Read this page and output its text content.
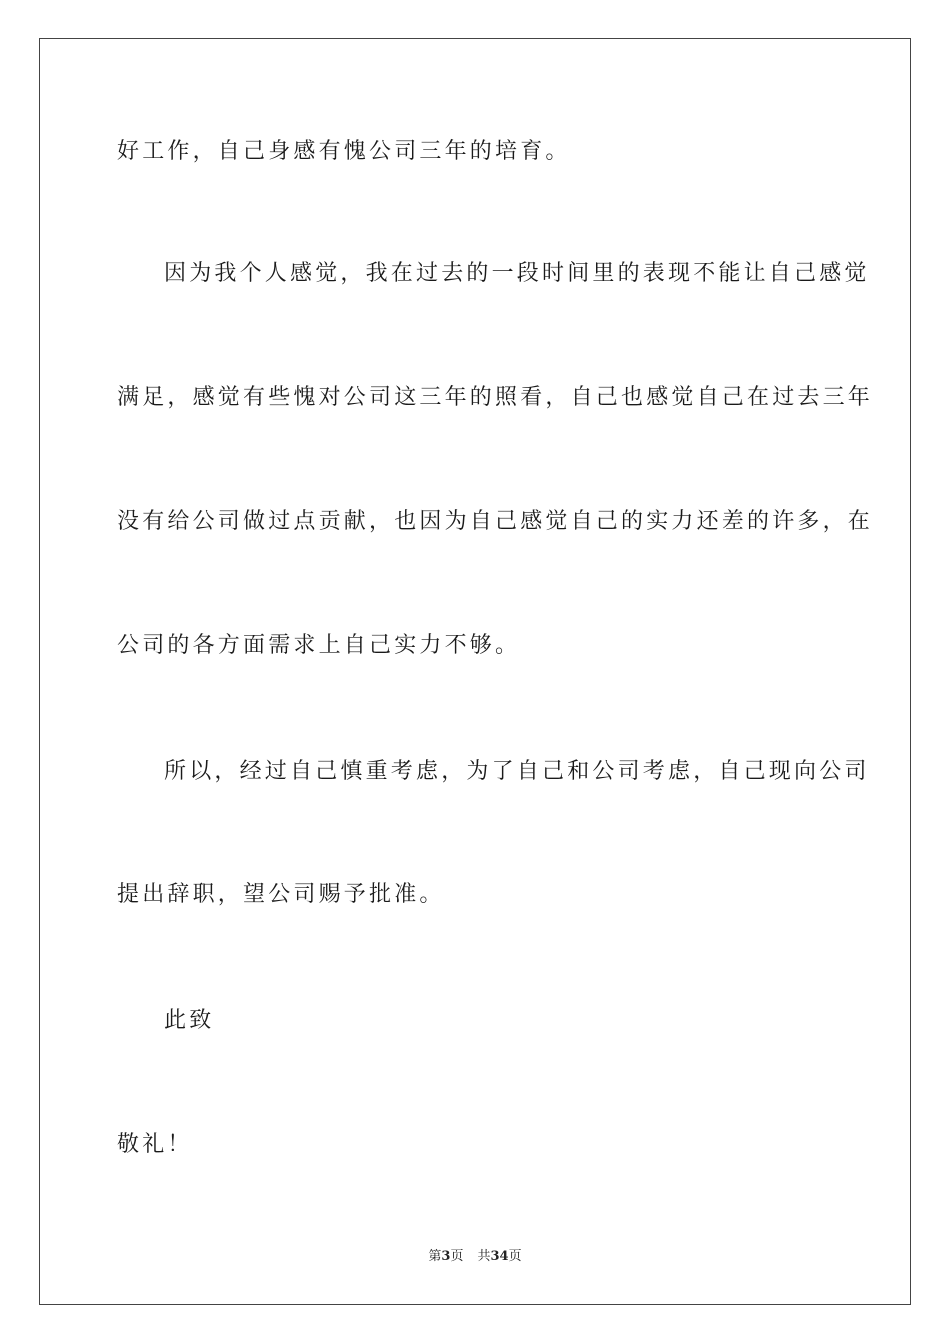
好工作，自己身感有愧公司三年的培育。
因为我个人感觉，我在过去的一段时间里的表现不能让自己感觉
满足，感觉有些愧对公司这三年的照看，自己也感觉自己在过去三年
没有给公司做过点贡献，也因为自己感觉自己的实力还差的许多，在
公司的各方面需求上自己实力不够。
所以，经过自己慎重考虑，为了自己和公司考虑，自己现向公司
提出辞职，望公司赐予批准。
此致
敬礼！
第3页 共34页
